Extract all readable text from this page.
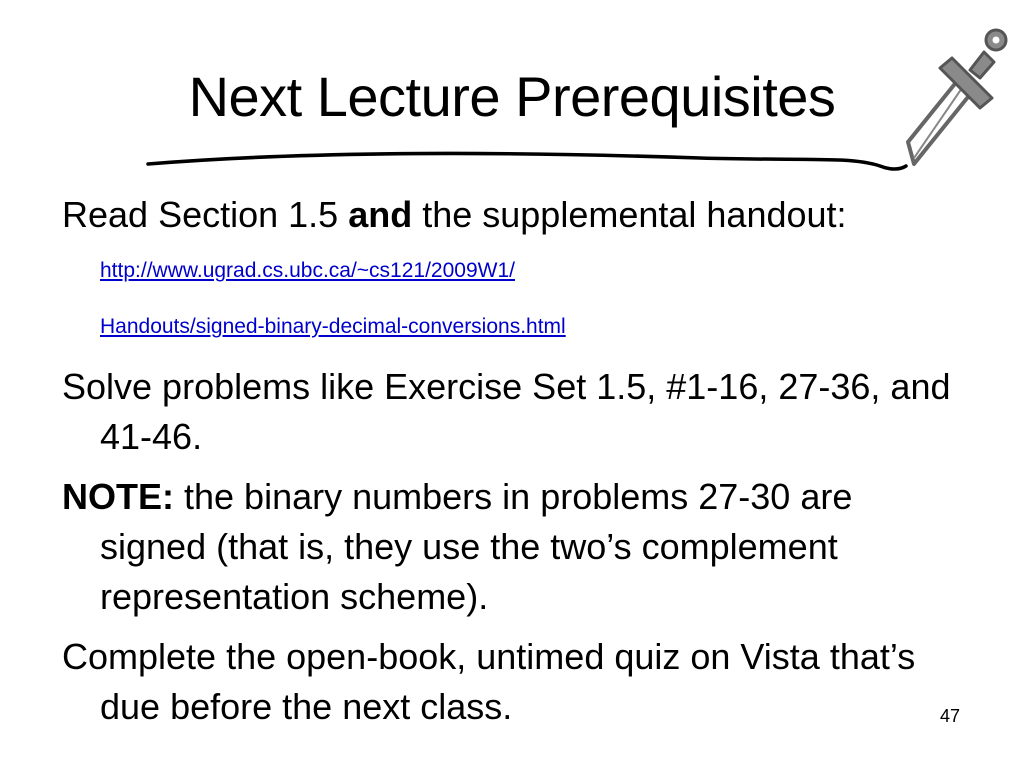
Next Lecture Prerequisites

Read Section 1.5 and the supplemental handout: http://www.ugrad.cs.ubc.ca/~cs121/2009W1/
Handouts/signed-binary-decimal-conversions.html

Solve problems like Exercise Set 1.5, #1-16, 27-36, and 41-46.

NOTE: the binary numbers in problems 27-30 are signed (that is, they use the two’s complement representation scheme).

Complete the open-book, untimed quiz on Vista that’s due before the next class.	47
